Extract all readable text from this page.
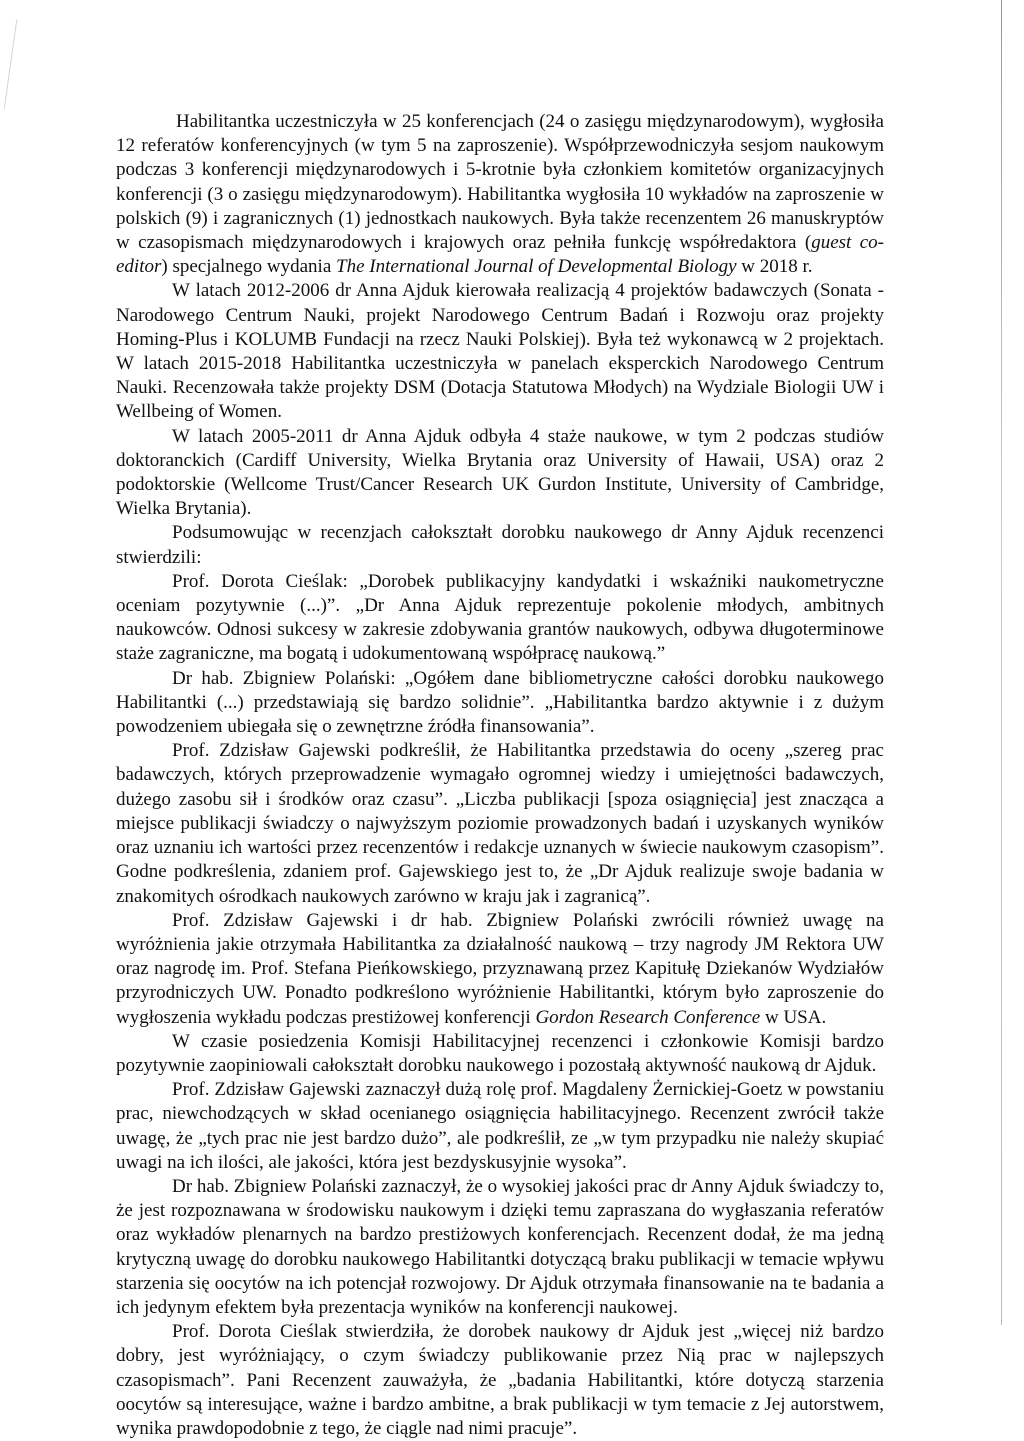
Habilitantka uczestniczyła w 25 konferencjach (24 o zasięgu międzynarodowym), wygłosiła 12 referatów konferencyjnych (w tym 5 na zaproszenie). Współprzewodniczyła sesjom naukowym podczas 3 konferencji międzynarodowych i 5-krotnie była członkiem komitetów organizacyjnych konferencji (3 o zasięgu międzynarodowym). Habilitantka wygłosiła 10 wykładów na zaproszenie w polskich (9) i zagranicznych (1) jednostkach naukowych. Była także recenzentem 26 manuskryptów w czasopismach międzynarodowych i krajowych oraz pełniła funkcję współredaktora (guest co-editor) specjalnego wydania The International Journal of Developmental Biology w 2018 r.

W latach 2012-2006 dr Anna Ajduk kierowała realizacją 4 projektów badawczych (Sonata - Narodowego Centrum Nauki, projekt Narodowego Centrum Badań i Rozwoju oraz projekty Homing-Plus i KOLUMB Fundacji na rzecz Nauki Polskiej). Była też wykonawcą w 2 projektach. W latach 2015-2018 Habilitantka uczestniczyła w panelach eksperckich Narodowego Centrum Nauki. Recenzowała także projekty DSM (Dotacja Statutowa Młodych) na Wydziale Biologii UW i Wellbeing of Women.

W latach 2005-2011 dr Anna Ajduk odbyła 4 staże naukowe, w tym 2 podczas studiów doktoranckich (Cardiff University, Wielka Brytania oraz University of Hawaii, USA) oraz 2 podoktorskie (Wellcome Trust/Cancer Research UK Gurdon Institute, University of Cambridge, Wielka Brytania).

Podsumowując w recenzjach całokształt dorobku naukowego dr Anny Ajduk recenzenci stwierdzili:

Prof. Dorota Cieślak: „Dorobek publikacyjny kandydatki i wskaźniki naukometryczne oceniam pozytywnie (...)”. „Dr Anna Ajduk reprezentuje pokolenie młodych, ambitnych naukowców. Odnosi sukcesy w zakresie zdobywania grantów naukowych, odbywa długoterminowe staże zagraniczne, ma bogatą i udokumentowaną współpracę naukową.”

Dr hab. Zbigniew Polański: „Ogółem dane bibliometryczne całości dorobku naukowego Habilitantki (...) przedstawiają się bardzo solidnie”. „Habilitantka bardzo aktywnie i z dużym powodzeniem ubiegała się o zewnętrzne źródła finansowania”.

Prof. Zdzisław Gajewski podkreślił, że Habilitantka przedstawia do oceny „szereg prac badawczych, których przeprowadzenie wymagało ogromnej wiedzy i umiejętności badawczych, dużego zasobu sił i środków oraz czasu”. „Liczba publikacji [spoza osiągnięcia] jest znacząca a miejsce publikacji świadczy o najwyższym poziomie prowadzonych badań i uzyskanych wyników oraz uznaniu ich wartości przez recenzentów i redakcje uznanych w świecie naukowym czasopism”. Godne podkreślenia, zdaniem prof. Gajewskiego jest to, że „Dr Ajduk realizuje swoje badania w znakomitych ośrodkach naukowych zarówno w kraju jak i zagranicą”.

Prof. Zdzisław Gajewski i dr hab. Zbigniew Polański zwrócili również uwagę na wyróżnienia jakie otrzymała Habilitantka za działalność naukową – trzy nagrody JM Rektora UW oraz nagrodę im. Prof. Stefana Pieńkowskiego, przyznawaną przez Kapitułę Dziekanów Wydziałów przyrodniczych UW. Ponadto podkreślono wyróżnienie Habilitantki, którym było zaproszenie do wygłoszenia wykładu podczas prestiżowej konferencji Gordon Research Conference w USA.

W czasie posiedzenia Komisji Habilitacyjnej recenzenci i członkowie Komisji bardzo pozytywnie zaopiniowali całokształt dorobku naukowego i pozostałą aktywność naukową dr Ajduk.

Prof. Zdzisław Gajewski zaznaczył dużą rolę prof. Magdaleny Żernickiej-Goetz w powstaniu prac, niewchodzących w skład ocenianego osiągnięcia habilitacyjnego. Recenzent zwrócił także uwagę, że „tych prac nie jest bardzo dużo”, ale podkreślił, ze „w tym przypadku nie należy skupiać uwagi na ich ilości, ale jakości, która jest bezdyskusyjnie wysoka”.

Dr hab. Zbigniew Polański zaznaczył, że o wysokiej jakości prac dr Anny Ajduk świadczy to, że jest rozpoznawana w środowisku naukowym i dzięki temu zapraszana do wygłaszania referatów oraz wykładów plenarnych na bardzo prestiżowych konferencjach. Recenzent dodał, że ma jedną krytyczną uwagę do dorobku naukowego Habilitantki dotyczącą braku publikacji w temacie wpływu starzenia się oocytów na ich potencjał rozwojowy. Dr Ajduk otrzymała finansowanie na te badania a ich jedynym efektem była prezentacja wyników na konferencji naukowej.

Prof. Dorota Cieślak stwierdziła, że dorobek naukowy dr Ajduk jest „więcej niż bardzo dobry, jest wyróżniający, o czym świadczy publikowanie przez Nią prac w najlepszych czasopismach”. Pani Recenzent zauważyła, że „badania Habilitantki, które dotyczą starzenia oocytów są interesujące, ważne i bardzo ambitne, a brak publikacji w tym temacie z Jej autorstwem, wynika prawdopodobnie z tego, że ciągle nad nimi pracuje”.
